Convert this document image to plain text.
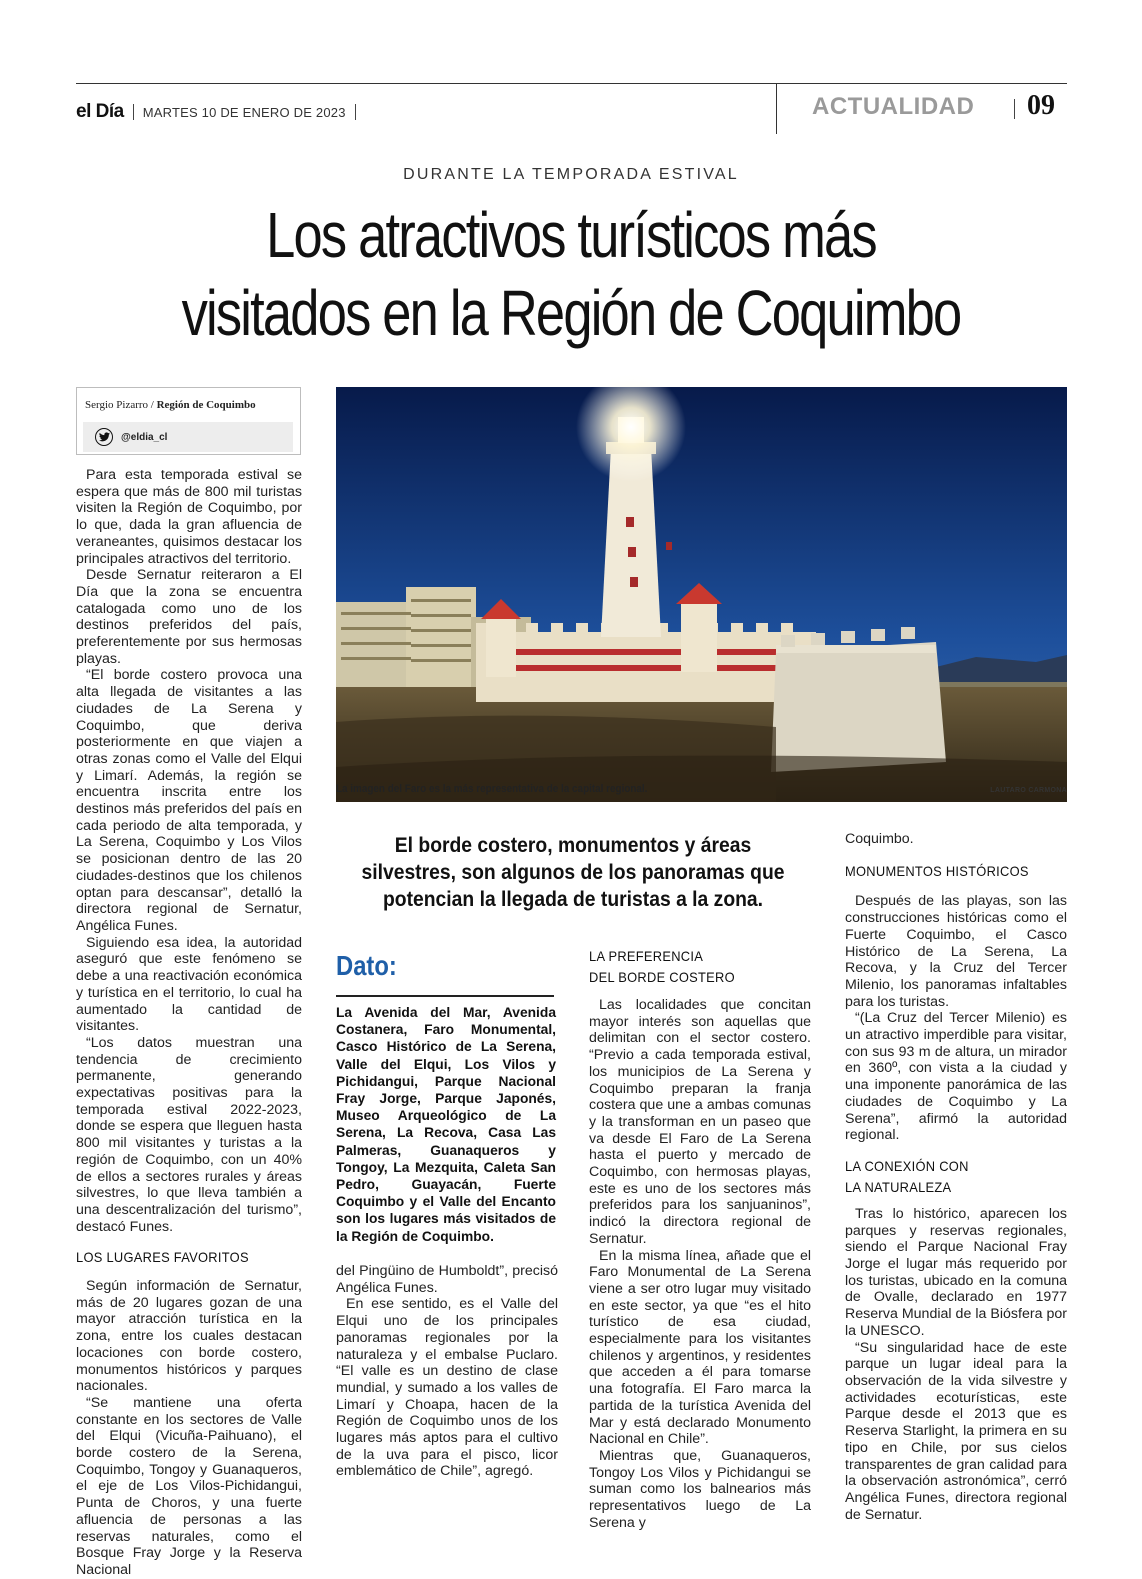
el Día MARTES 10 DE ENERO DE 2023	ACTUALIDAD 09
DURANTE LA TEMPORADA ESTIVAL
Los atractivos turísticos más
visitados en la Región de Coquimbo
Sergio Pizarro / Región de Coquimbo
@eldia_cl
La imagen del Faro es la más representativa de la capital regional.	LAUTARO CARMONA

Para esta temporada estival se espera que más de 800 mil turistas visiten la Región de Coquimbo, por lo que, dada la gran afluencia de veraneantes, quisimos destacar los principales atractivos del territorio.

Desde Sernatur reiteraron a El Día que la zona se encuentra catalogada como uno de los destinos preferidos del país, preferentemente por sus hermosas playas.

“El borde costero provoca una alta llegada de visitantes a las ciudades de La Serena y Coquimbo, que deriva posteriormente en que viajen a otras zonas como el Valle del Elqui y Limarí. Además, la región se encuentra inscrita entre los destinos más preferidos del país en cada periodo de alta temporada, y La Serena, Coquimbo y Los Vilos se posicionan dentro de las 20 ciudades-destinos que los chilenos optan para descansar”, detalló la directora regional de Sernatur, Angélica Funes.

Siguiendo esa idea, la autoridad aseguró que este fenómeno se debe a una reactivación económica y turística en el territorio, lo cual ha aumentado la cantidad de visitantes.

“Los datos muestran una tendencia de crecimiento permanente, generando expectativas positivas para la temporada estival 2022-2023, donde se espera que lleguen hasta 800 mil visitantes y turistas a la región de Coquimbo, con un 40% de ellos a sectores rurales y áreas silvestres, lo que lleva también a una descentralización del turismo”, destacó Funes.

LOS LUGARES FAVORITOS

Según información de Sernatur, más de 20 lugares gozan de una mayor atracción turística en la zona, entre los cuales destacan locaciones con borde costero, monumentos históricos y parques nacionales.

“Se mantiene una oferta constante en los sectores de Valle del Elqui (Vicuña-Paihuano), el borde costero de la Serena, Coquimbo, Tongoy y Guanaqueros, el eje de Los Vilos-Pichidangui, Punta de Choros, y una fuerte afluencia de personas a las reservas naturales, como el Bosque Fray Jorge y la Reserva Nacional

El borde costero, monumentos y áreas silvestres, son algunos de los panoramas que potencian la llegada de turistas a la zona.
Dato:
La Avenida del Mar, Avenida Costanera, Faro Monumental, Casco Histórico de La Serena, Valle del Elqui, Los Vilos y Pichidangui, Parque Nacional Fray Jorge, Parque Japonés, Museo Arqueológico de La Serena, La Recova, Casa Las Palmeras, Guanaqueros y Tongoy, La Mezquita, Caleta San Pedro, Guayacán, Fuerte Coquimbo y el Valle del Encanto son los lugares más visitados de la Región de Coquimbo.

del Pingüino de Humboldt”, precisó Angélica Funes.

En ese sentido, es el Valle del Elqui uno de los principales panoramas regionales por la naturaleza y el embalse Puclaro. “El valle es un destino de clase mundial, y sumado a los valles de Limarí y Choapa, hacen de la Región de Coquimbo unos de los lugares más aptos para el cultivo de la uva para el pisco, licor emblemático de Chile”, agregó.

LA PREFERENCIA
DEL BORDE COSTERO

Las localidades que concitan mayor interés son aquellas que delimitan con el sector costero. “Previo a cada temporada estival, los municipios de La Serena y Coquimbo preparan la franja costera que une a ambas comunas y la transforman en un paseo que va desde El Faro de La Serena hasta el puerto y mercado de Coquimbo, con hermosas playas, este es uno de los sectores más preferidos para los sanjuaninos”, indicó la directora regional de Sernatur.

En la misma línea, añade que el Faro Monumental de La Serena viene a ser otro lugar muy visitado en este sector, ya que “es el hito turístico de esa ciudad, especialmente para los visitantes chilenos y argentinos, y residentes que acceden a él para tomarse una fotografía. El Faro marca la partida de la turística Avenida del Mar y está declarado Monumento Nacional en Chile”.

Mientras que, Guanaqueros, Tongoy Los Vilos y Pichidangui se suman como los balnearios más representativos luego de La Serena y

Coquimbo.

MONUMENTOS HISTÓRICOS

Después de las playas, son las construcciones históricas como el Fuerte Coquimbo, el Casco Histórico de La Serena, La Recova, y la Cruz del Tercer Milenio, los panoramas infaltables para los turistas.

“(La Cruz del Tercer Milenio) es un atractivo imperdible para visitar, con sus 93 m de altura, un mirador en 360º, con vista a la ciudad y una imponente panorámica de las ciudades de Coquimbo y La Serena”, afirmó la autoridad regional.

LA CONEXIÓN CON
LA NATURALEZA

Tras lo histórico, aparecen los parques y reservas regionales, siendo el Parque Nacional Fray Jorge el lugar más requerido por los turistas, ubicado en la comuna de Ovalle, declarado en 1977 Reserva Mundial de la Biósfera por la UNESCO.

“Su singularidad hace de este parque un lugar ideal para la observación de la vida silvestre y actividades ecoturísticas, este Parque desde el 2013 que es Reserva Starlight, la primera en su tipo en Chile, por sus cielos transparentes de gran calidad para la observación astronómica”, cerró Angélica Funes, directora regional de Sernatur.
